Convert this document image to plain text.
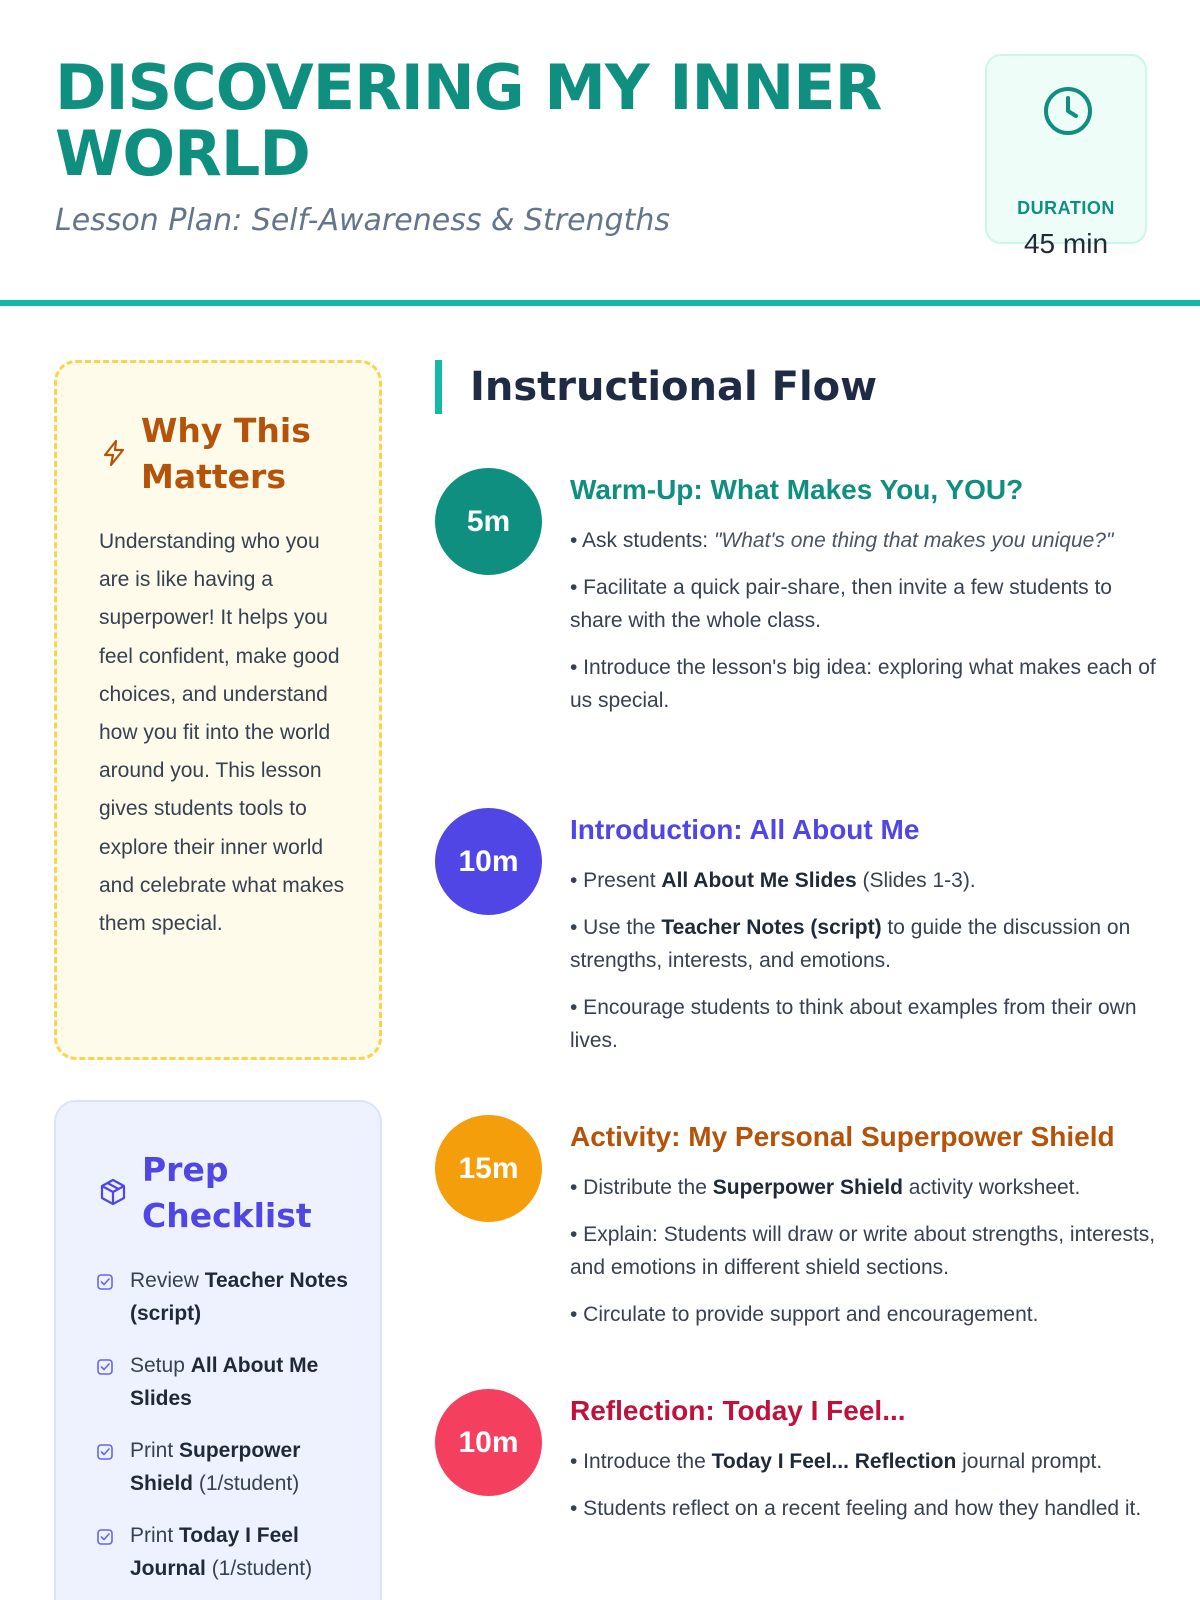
DISCOVERING MY INNER WORLD
Lesson Plan: Self-Awareness & Strengths	DURATION
45 min
Why This Matters
Understanding who you are is like having a superpower! It helps you feel confident, make good choices, and understand how you fit into the world around you. This lesson gives students tools to explore their inner world and celebrate what makes them special.
Prep Checklist
Review Teacher Notes (script)
Setup All About Me Slides
Print Superpower Shield (1/student)
Print Today I Feel Journal (1/student)
Instructional Flow
5m
Warm-Up: What Makes You, YOU?
• Ask students: "What's one thing that makes you unique?"
• Facilitate a quick pair-share, then invite a few students to share with the whole class.
• Introduce the lesson's big idea: exploring what makes each of us special.
10m
Introduction: All About Me
• Present All About Me Slides (Slides 1-3).
• Use the Teacher Notes (script) to guide the discussion on strengths, interests, and emotions.
• Encourage students to think about examples from their own lives.
15m
Activity: My Personal Superpower Shield
• Distribute the Superpower Shield activity worksheet.
• Explain: Students will draw or write about strengths, interests, and emotions in different shield sections.
• Circulate to provide support and encouragement.
10m
Reflection: Today I Feel...
• Introduce the Today I Feel... Reflection journal prompt.
• Students reflect on a recent feeling and how they handled it.
